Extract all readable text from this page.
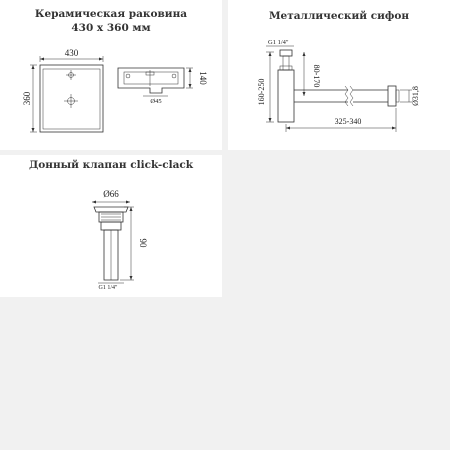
Керамическая раковина
430 х 360 мм
430
360
140
Ø45
Металлический сифон
G1 1/4"
160-250
80-170
325-340
Ø31,8
Донный клапан click-clack
Ø66
90
G1 1/4"
